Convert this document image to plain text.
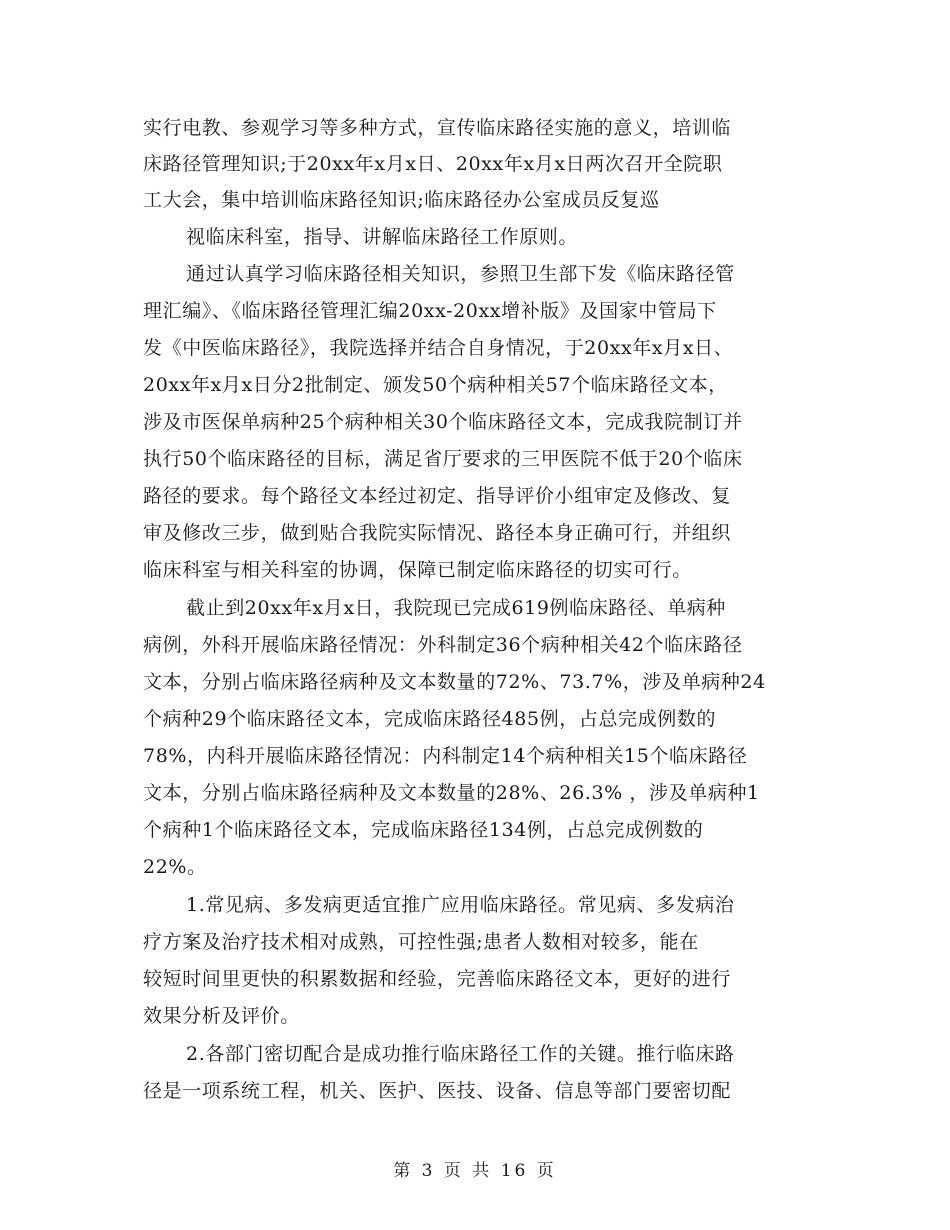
实行电教、参观学习等多种方式，宣传临床路径实施的意义，培训临
床路径管理知识;于20xx年x月x日、20xx年x月x日两次召开全院职
工大会，集中培训临床路径知识;临床路径办公室成员反复巡
视临床科室，指导、讲解临床路径工作原则。
通过认真学习临床路径相关知识，参照卫生部下发《临床路径管
理汇编》、《临床路径管理汇编20xx-20xx增补版》及国家中管局下
发《中医临床路径》，我院选择并结合自身情况，于20xx年x月x日、
20xx年x月x日分2批制定、颁发50个病种相关57个临床路径文本，
涉及市医保单病种25个病种相关30个临床路径文本，完成我院制订并
执行50个临床路径的目标，满足省厅要求的三甲医院不低于20个临床
路径的要求。每个路径文本经过初定、指导评价小组审定及修改、复
审及修改三步，做到贴合我院实际情况、路径本身正确可行，并组织
临床科室与相关科室的协调，保障已制定临床路径的切实可行。
截止到20xx年x月x日，我院现已完成619例临床路径、单病种
病例，外科开展临床路径情况：外科制定36个病种相关42个临床路径
文本，分别占临床路径病种及文本数量的72%、73.7%，涉及单病种24
个病种29个临床路径文本，完成临床路径485例，占总完成例数的
78%，内科开展临床路径情况：内科制定14个病种相关15个临床路径
文本，分别占临床路径病种及文本数量的28%、26.3% ，涉及单病种1
个病种1个临床路径文本，完成临床路径134例，占总完成例数的
22%。
1.常见病、多发病更适宜推广应用临床路径。常见病、多发病治
疗方案及治疗技术相对成熟，可控性强;患者人数相对较多，能在
较短时间里更快的积累数据和经验，完善临床路径文本，更好的进行
效果分析及评价。
2.各部门密切配合是成功推行临床路径工作的关键。推行临床路
径是一项系统工程，机关、医护、医技、设备、信息等部门要密切配
第 3 页 共 16 页
